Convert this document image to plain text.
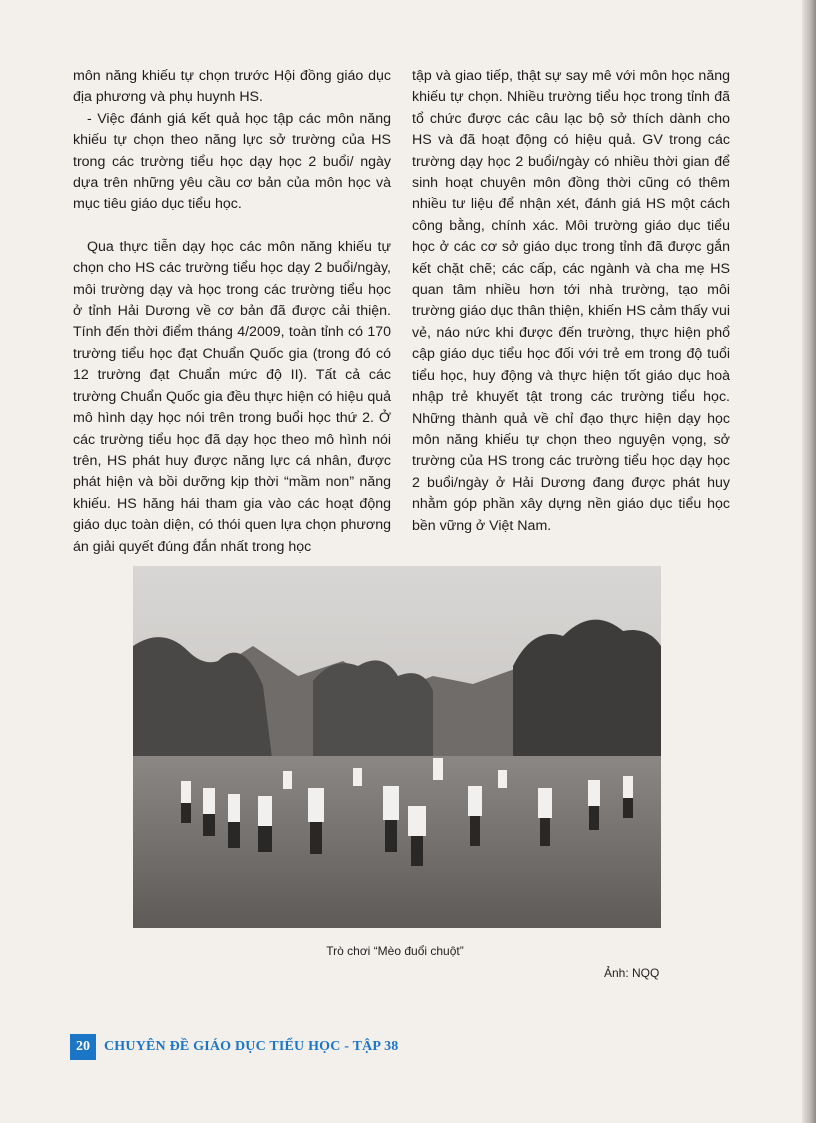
môn năng khiếu tự chọn trước Hội đồng giáo dục địa phương và phụ huynh HS.

- Việc đánh giá kết quả học tập các môn năng khiếu tự chọn theo năng lực sở trường của HS trong các trường tiểu học dạy học 2 buổi/ ngày dựa trên những yêu cầu cơ bản của môn học và mục tiêu giáo dục tiểu học.

Qua thực tiễn dạy học các môn năng khiếu tự chọn cho HS các trường tiểu học dạy 2 buổi/ngày, môi trường dạy và học trong các trường tiểu học ở tỉnh Hải Dương về cơ bản đã được cải thiện. Tính đến thời điểm tháng 4/2009, toàn tỉnh có 170 trường tiểu học đạt Chuẩn Quốc gia (trong đó có 12 trường đạt Chuẩn mức độ II). Tất cả các trường Chuẩn Quốc gia đều thực hiện có hiệu quả mô hình dạy học nói trên trong buổi học thứ 2. Ở các trường tiểu học đã dạy học theo mô hình nói trên, HS phát huy được năng lực cá nhân, được phát hiện và bồi dưỡng kịp thời “mầm non” năng khiếu. HS hăng hái tham gia vào các hoạt động giáo dục toàn diện, có thói quen lựa chọn phương án giải quyết đúng đắn nhất trong học

tập và giao tiếp, thật sự say mê với môn học năng khiếu tự chọn. Nhiều trường tiểu học trong tỉnh đã tổ chức được các câu lạc bộ sở thích dành cho HS và đã hoạt động có hiệu quả. GV trong các trường dạy học 2 buổi/ngày có nhiều thời gian để sinh hoạt chuyên môn đồng thời cũng có thêm nhiều tư liệu để nhận xét, đánh giá HS một cách công bằng, chính xác. Môi trường giáo dục tiểu học ở các cơ sở giáo dục trong tỉnh đã được gắn kết chặt chẽ; các cấp, các ngành và cha mẹ HS quan tâm nhiều hơn tới nhà trường, tạo môi trường giáo dục thân thiện, khiến HS cảm thấy vui vẻ, náo nức khi được đến trường, thực hiện phổ cập giáo dục tiểu học đối với trẻ em trong độ tuổi tiểu học, huy động và thực hiện tốt giáo dục hoà nhập trẻ khuyết tật trong các trường tiểu học. Những thành quả về chỉ đạo thực hiện dạy học môn năng khiếu tự chọn theo nguyện vọng, sở trường của HS trong các trường tiểu học dạy học 2 buổi/ngày ở Hải Dương đang được phát huy nhằm góp phần xây dựng nền giáo dục tiểu học bền vững ở Việt Nam.

Trò chơi “Mèo đuổi chuột”
Ảnh: NQQ
20	CHUYÊN ĐỀ GIÁO DỤC TIỂU HỌC - TẬP 38
